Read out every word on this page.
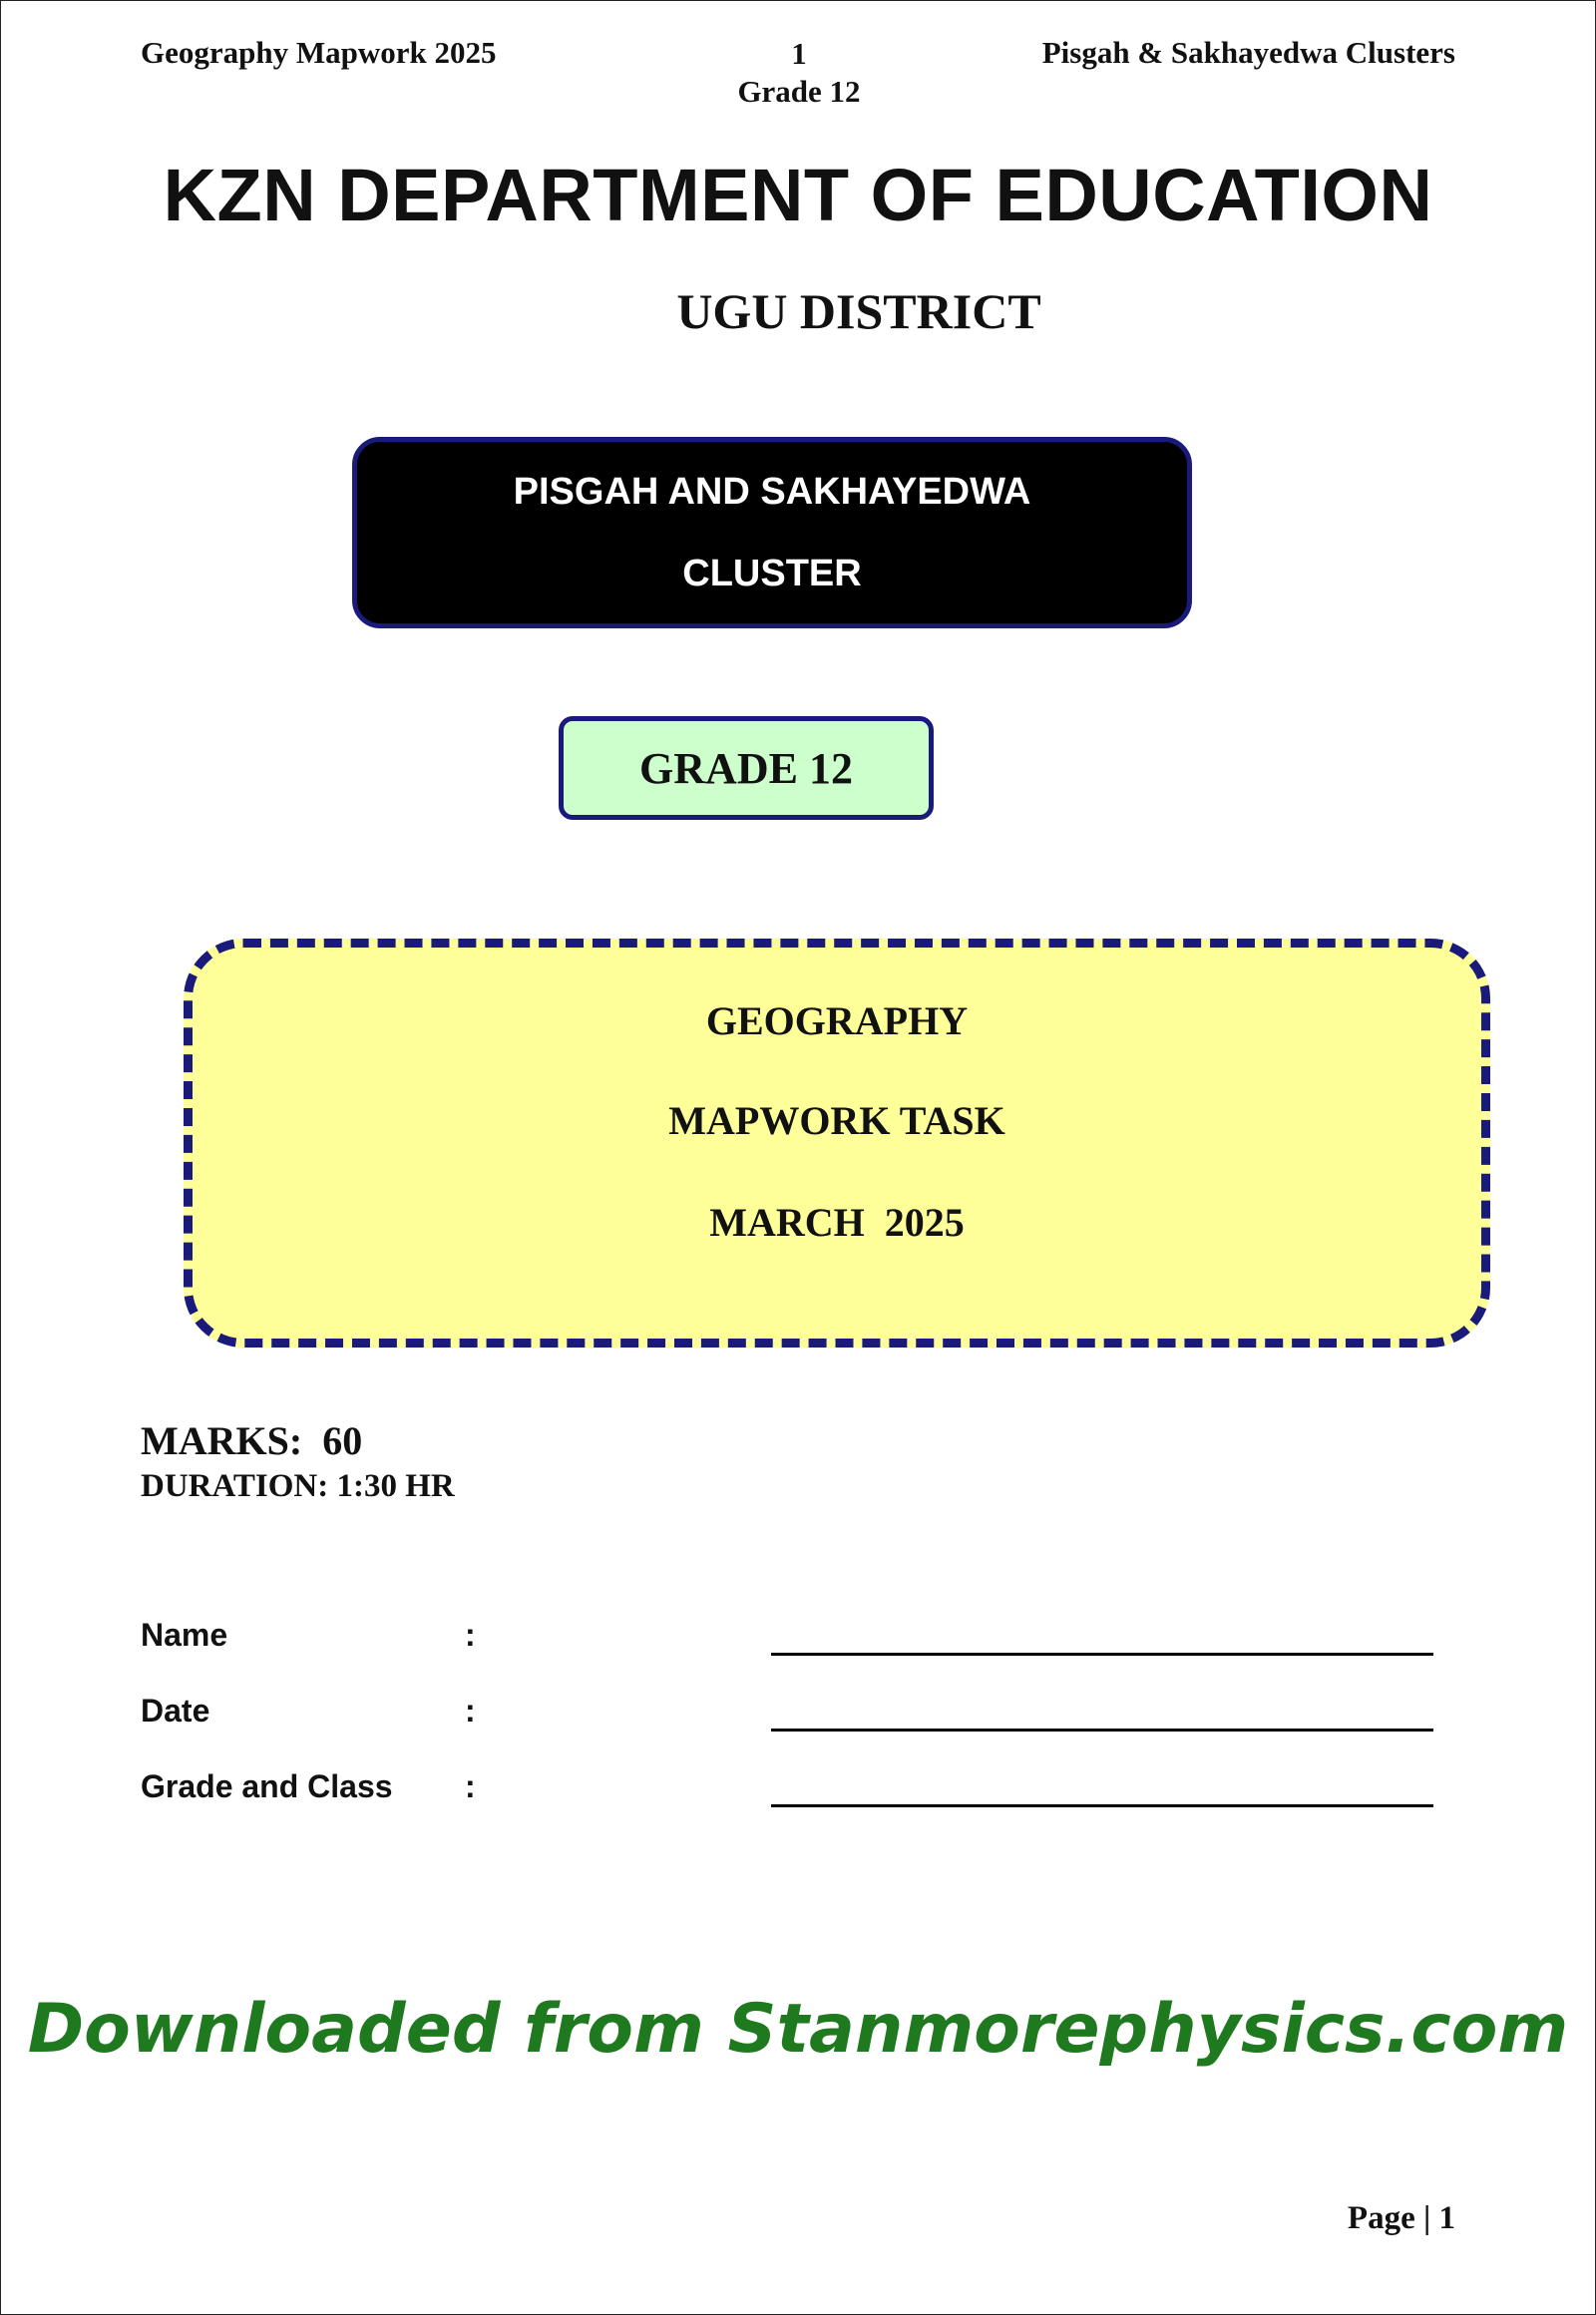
Geography Mapwork 2025	1
Grade 12
Pisgah & Sakhayedwa Clusters
KZN DEPARTMENT OF EDUCATION
UGU DISTRICT
PISGAH AND SAKHAYEDWA
CLUSTER
GRADE 12
GEOGRAPHY
MAPWORK TASK
MARCH  2025
MARKS:  60
DURATION: 1:30 HR
Name	:
Date	:
Grade and Class :
Downloaded from Stanmorephysics.com
Page | 1
